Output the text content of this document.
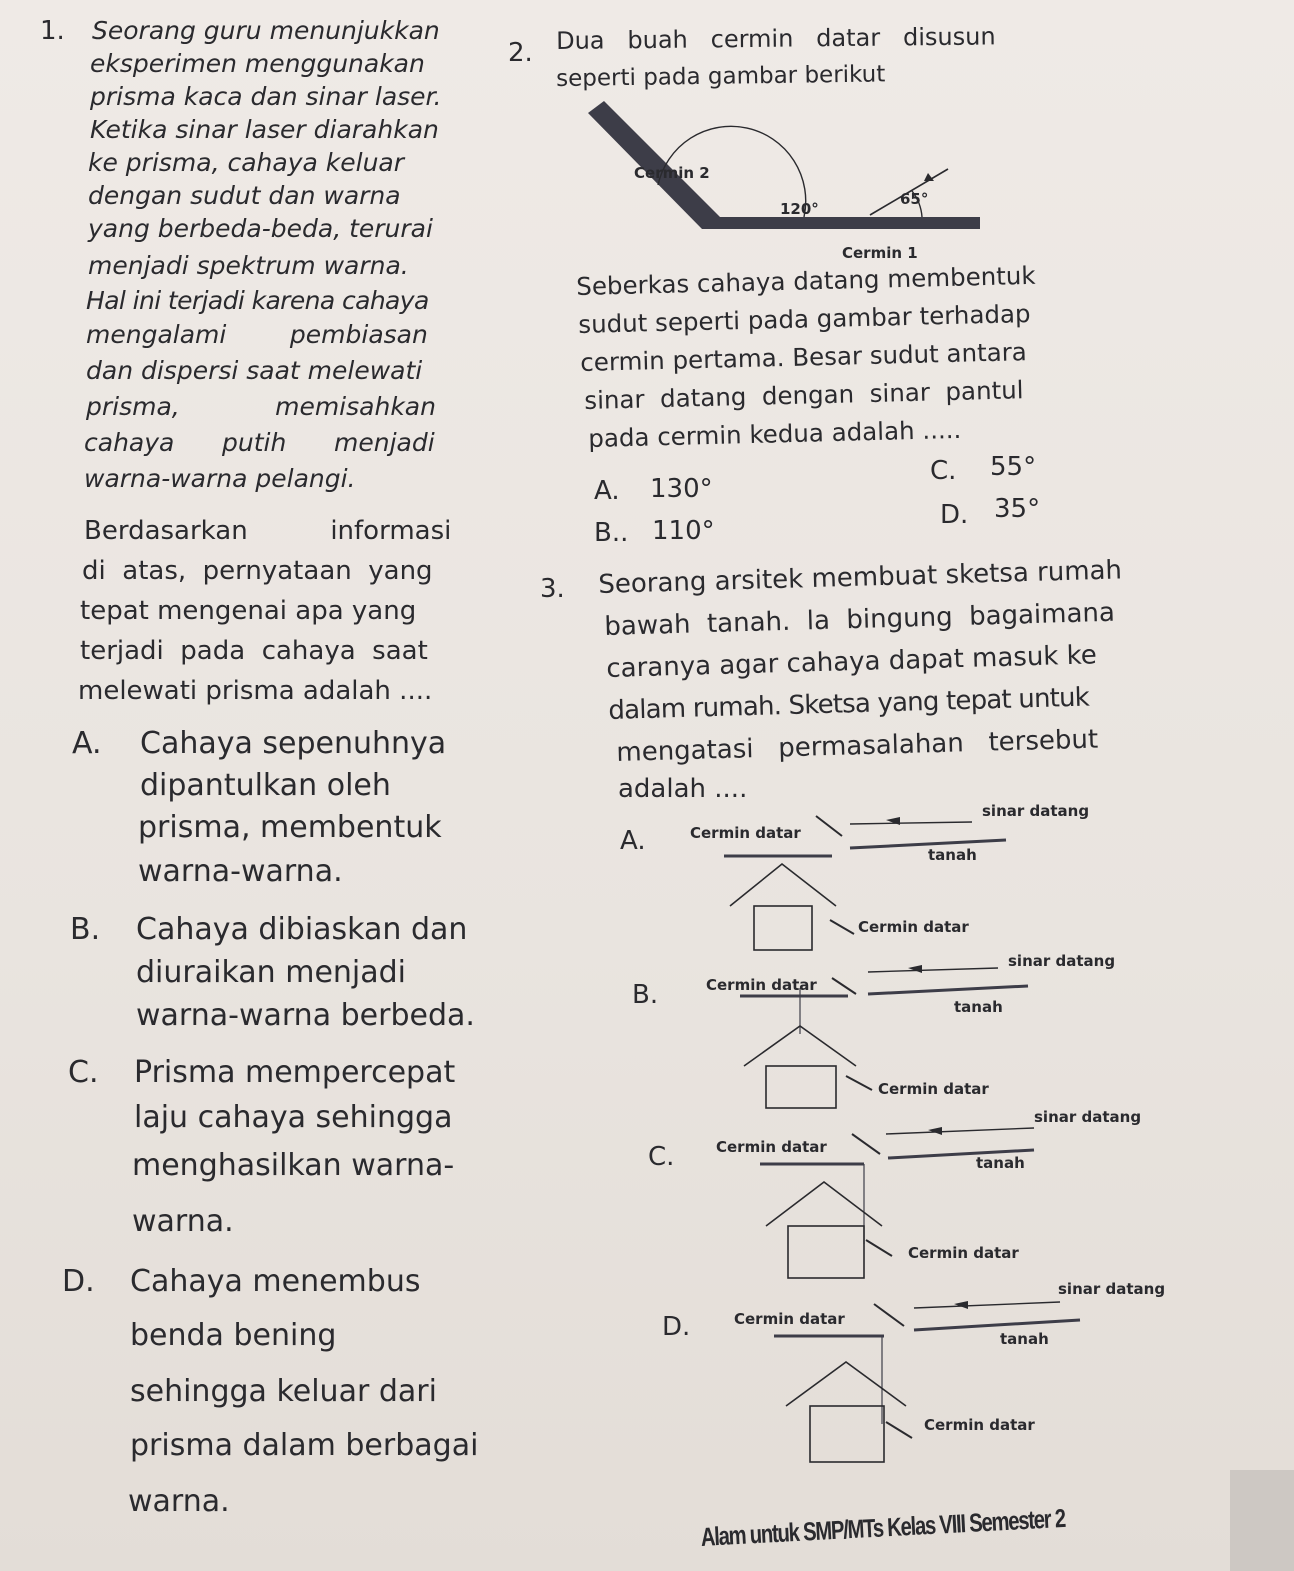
1. Seorang guru menunjukkan
eksperimen menggunakan
prisma kaca dan sinar laser.
Ketika sinar laser diarahkan
ke prisma, cahaya keluar
dengan sudut dan warna
yang berbeda-beda, terurai
menjadi spektrum warna.
Hal ini terjadi karena cahaya
mengalami        pembiasan
dan dispersi saat melewati
prisma,            memisahkan
cahaya      putih      menjadi
warna-warna pelangi.
Berdasarkan          informasi
di  atas,  pernyataan  yang
tepat mengenai apa yang
terjadi  pada  cahaya  saat
melewati prisma adalah ....
A. Cahaya sepenuhnya
dipantulkan oleh
prisma, membentuk
warna-warna.
B. Cahaya dibiaskan dan
diuraikan menjadi
warna-warna berbeda.
C. Prisma mempercepat
laju cahaya sehingga
menghasilkan warna-
warna.
D. Cahaya menembus
benda bening
sehingga keluar dari
prisma dalam berbagai
warna.
2. Dua   buah   cermin   datar   disusun
seperti pada gambar berikut
Cermin 2
120°
65°
Cermin 1
Seberkas cahaya datang membentuk
sudut seperti pada gambar terhadap
cermin pertama. Besar sudut antara
sinar  datang  dengan  sinar  pantul
pada cermin kedua adalah .....
A. 130°
B.. 110°
C. 55°
D. 35°
3. Seorang arsitek membuat sketsa rumah
bawah  tanah.  la  bingung  bagaimana
caranya agar cahaya dapat masuk ke
dalam rumah. Sketsa yang tepat untuk
mengatasi   permasalahan   tersebut
adalah ....
A.	Cermin datar
sinar datang
tanah
Cermin datar
B.	Cermin datar
sinar datang
tanah
Cermin datar
C.	Cermin datar
sinar datang
tanah
Cermin datar
D.	Cermin datar
sinar datang
tanah
Cermin datar
Alam untuk SMP/MTs Kelas VIII Semester 2
